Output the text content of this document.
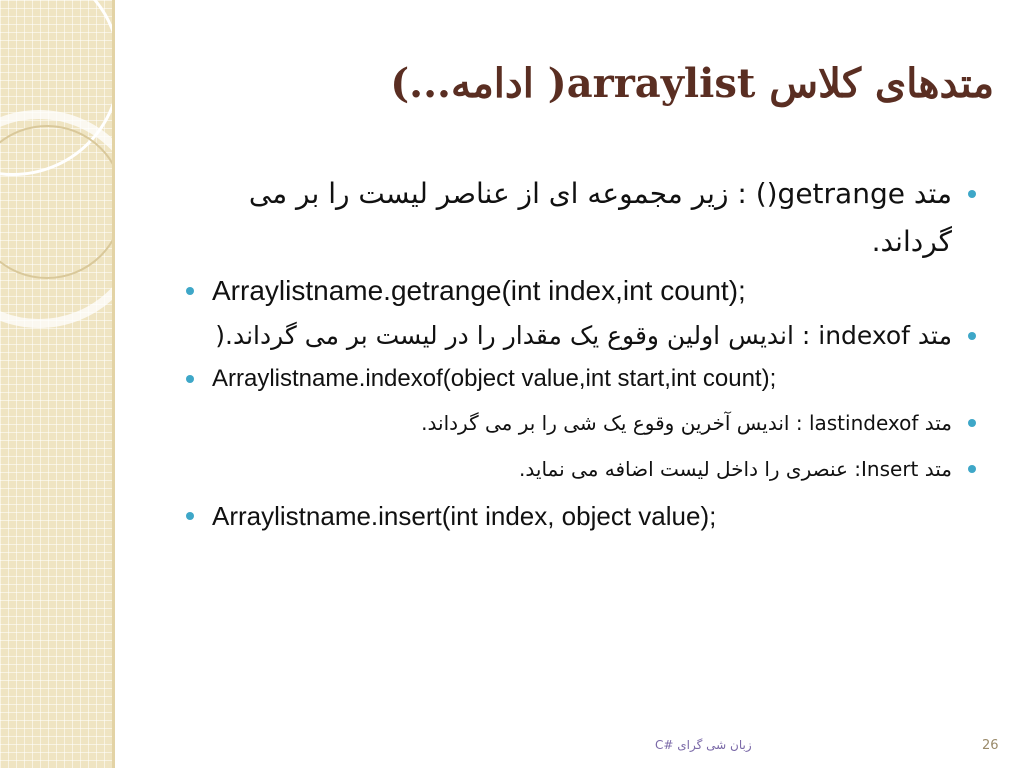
متدهای کلاس arraylist( ادامه...)
متد getrange() : زیر مجموعه ای از عناصر لیست را بر می گرداند.
Arraylistname.getrange(int index,int count);
متد indexof : اندیس اولین وقوع یک مقدار را در لیست بر می گرداند.(
Arraylistname.indexof(object value,int start,int count);
متد lastindexof : اندیس آخرین وقوع یک شی را بر می گرداند.
متد Insert: عنصری را داخل لیست اضافه می نماید.
Arraylistname.insert(int index, object value);
زبان شی گرای #C	26
